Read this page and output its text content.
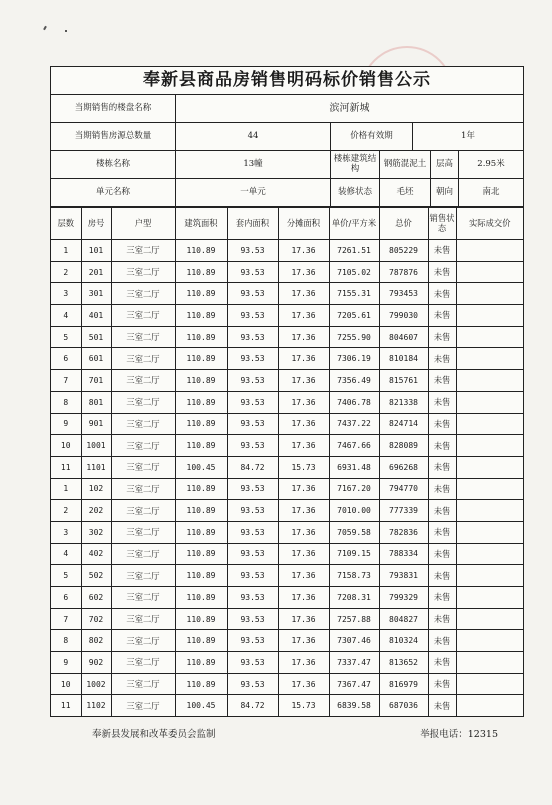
奉新县商品房销售明码标价销售公示
当期销售的楼盘名称	滨河新城
当期销售房源总数量	44	价格有效期	1年
楼栋名称	13幢	楼栋建筑结构	钢筋混泥土	层高	2.95米
单元名称	一单元	装修状态	毛坯	朝向	南北
层数	房号	户型	建筑面积	套内面积	分摊面积	单价/平方米	总价	销售状态	实际成交价
1	101	三室二厅	110.89	93.53	17.36	7261.51	805229	未售	
2	201	三室二厅	110.89	93.53	17.36	7105.02	787876	未售	
3	301	三室二厅	110.89	93.53	17.36	7155.31	793453	未售	
4	401	三室二厅	110.89	93.53	17.36	7205.61	799030	未售	
5	501	三室二厅	110.89	93.53	17.36	7255.90	804607	未售	
6	601	三室二厅	110.89	93.53	17.36	7306.19	810184	未售	
7	701	三室二厅	110.89	93.53	17.36	7356.49	815761	未售	
8	801	三室二厅	110.89	93.53	17.36	7406.78	821338	未售	
9	901	三室二厅	110.89	93.53	17.36	7437.22	824714	未售	
10	1001	三室二厅	110.89	93.53	17.36	7467.66	828089	未售	
11	1101	三室二厅	100.45	84.72	15.73	6931.48	696268	未售	
1	102	三室二厅	110.89	93.53	17.36	7167.20	794770	未售	
2	202	三室二厅	110.89	93.53	17.36	7010.00	777339	未售	
3	302	三室二厅	110.89	93.53	17.36	7059.58	782836	未售	
4	402	三室二厅	110.89	93.53	17.36	7109.15	788334	未售	
5	502	三室二厅	110.89	93.53	17.36	7158.73	793831	未售	
6	602	三室二厅	110.89	93.53	17.36	7208.31	799329	未售	
7	702	三室二厅	110.89	93.53	17.36	7257.88	804827	未售	
8	802	三室二厅	110.89	93.53	17.36	7307.46	810324	未售	
9	902	三室二厅	110.89	93.53	17.36	7337.47	813652	未售	
10	1002	三室二厅	110.89	93.53	17.36	7367.47	816979	未售	
11	1102	三室二厅	100.45	84.72	15.73	6839.58	687036	未售	
奉新县发展和改革委员会监制	举报电话：12315
